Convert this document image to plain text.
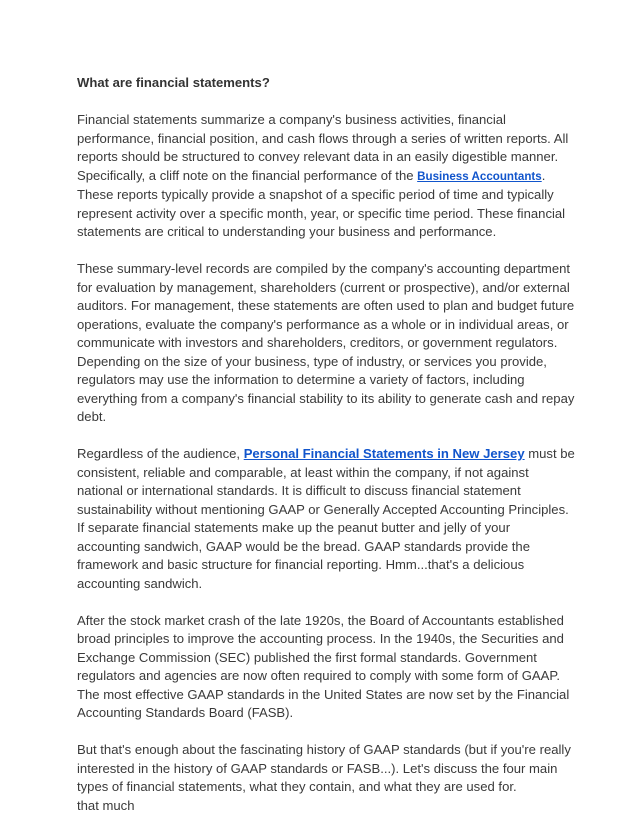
What are financial statements?

Financial statements summarize a company's business activities, financial performance, financial position, and cash flows through a series of written reports. All reports should be structured to convey relevant data in an easily digestible manner. Specifically, a cliff note on the financial performance of the Business Accountants. These reports typically provide a snapshot of a specific period of time and typically represent activity over a specific month, year, or specific time period. These financial statements are critical to understanding your business and performance.

These summary-level records are compiled by the company's accounting department for evaluation by management, shareholders (current or prospective), and/or external auditors. For management, these statements are often used to plan and budget future operations, evaluate the company's performance as a whole or in individual areas, or communicate with investors and shareholders, creditors, or government regulators. Depending on the size of your business, type of industry, or services you provide, regulators may use the information to determine a variety of factors, including everything from a company's financial stability to its ability to generate cash and repay debt.

Regardless of the audience, Personal Financial Statements in New Jersey must be consistent, reliable and comparable, at least within the company, if not against national or international standards. It is difficult to discuss financial statement sustainability without mentioning GAAP or Generally Accepted Accounting Principles. If separate financial statements make up the peanut butter and jelly of your accounting sandwich, GAAP would be the bread. GAAP standards provide the framework and basic structure for financial reporting. Hmm...that's a delicious accounting sandwich.

After the stock market crash of the late 1920s, the Board of Accountants established broad principles to improve the accounting process. In the 1940s, the Securities and Exchange Commission (SEC) published the first formal standards. Government regulators and agencies are now often required to comply with some form of GAAP. The most effective GAAP standards in the United States are now set by the Financial Accounting Standards Board (FASB).

But that's enough about the fascinating history of GAAP standards (but if you're really interested in the history of GAAP standards or FASB...). Let's discuss the four main types of financial statements, what they contain, and what they are used for.

that much
